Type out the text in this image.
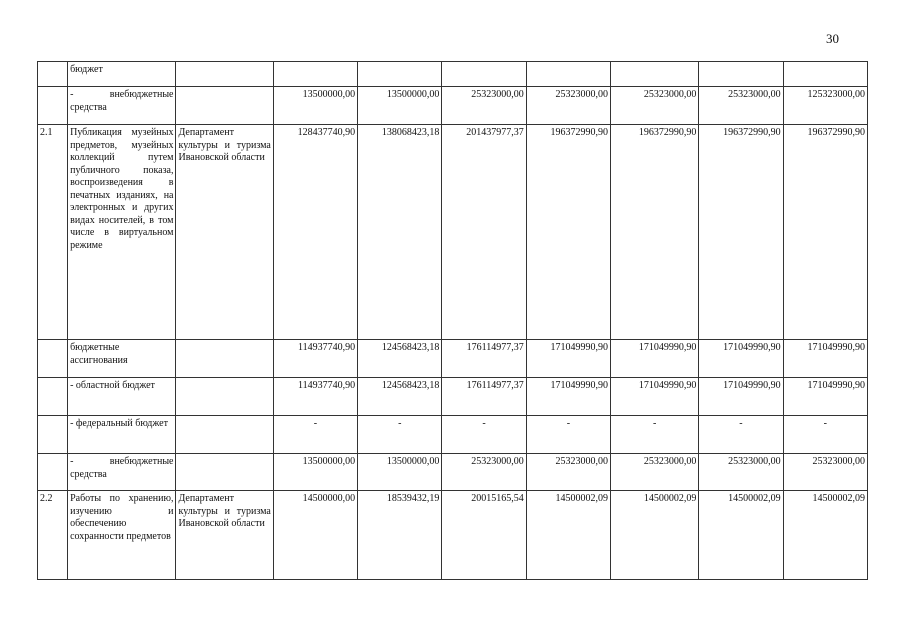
30

	бюджет								

	- внебюджетные средства		13500000,00	13500000,00	25323000,00	25323000,00	25323000,00	25323000,00	125323000,00
2.1	Публикация музейных предметов, музейных коллекций путем публичного показа, воспроизведения в печатных изданиях, на электронных и других видах носителей, в том числе в виртуальном режиме	Департамент культуры и туризма Ивановской области	128437740,90	138068423,18	201437977,37	196372990,90	196372990,90	196372990,90	196372990,90

	бюджетные ассигнования		114937740,90	124568423,18	176114977,37	171049990,90	171049990,90	171049990,90	171049990,90

	- областной бюджет		114937740,90	124568423,18	176114977,37	171049990,90	171049990,90	171049990,90	171049990,90

	- федеральный бюджет		-	-	-	-	-	-	-

	- внебюджетные средства		13500000,00	13500000,00	25323000,00	25323000,00	25323000,00	25323000,00	25323000,00
2.2	Работы по хранению, изучению и обеспечению сохранности предметов	Департамент культуры и туризма Ивановской области	14500000,00	18539432,19	20015165,54	14500002,09	14500002,09	14500002,09	14500002,09
